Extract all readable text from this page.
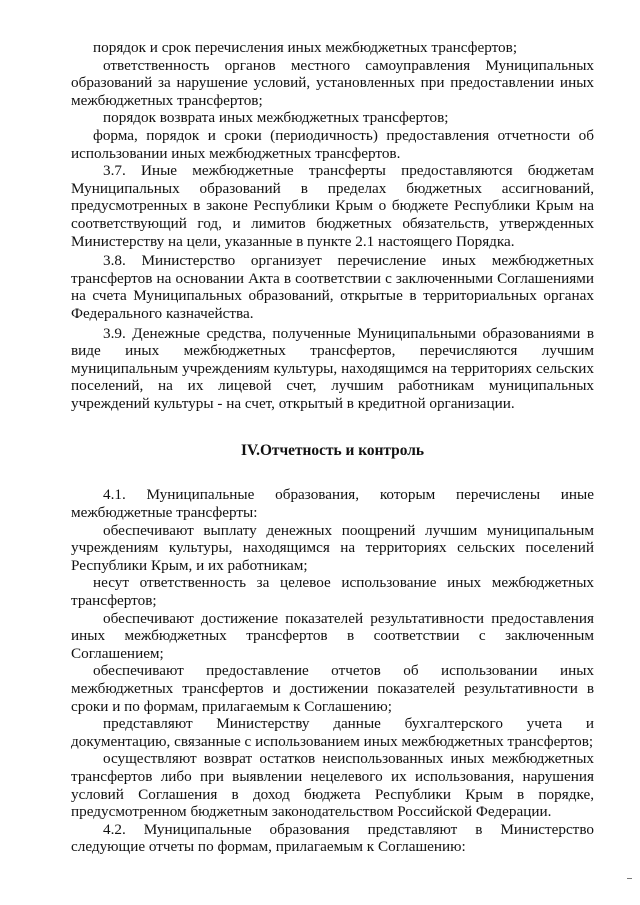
порядок и срок перечисления иных межбюджетных трансфертов;

ответственность органов местного самоуправления Муниципальных образований за нарушение условий, установленных при предоставлении иных межбюджетных трансфертов;

порядок возврата иных межбюджетных трансфертов;

форма, порядок и сроки (периодичность) предоставления отчетности об использовании иных межбюджетных трансфертов.

3.7. Иные межбюджетные трансферты предоставляются бюджетам Муниципальных образований в пределах бюджетных ассигнований, предусмотренных в законе Республики Крым о бюджете Республики Крым на соответствующий год, и лимитов бюджетных обязательств, утвержденных Министерству на цели, указанные в пункте 2.1 настоящего Порядка.

3.8. Министерство организует перечисление иных межбюджетных трансфертов на основании Акта в соответствии с заключенными Соглашениями на счета Муниципальных образований, открытые в территориальных органах Федерального казначейства.

3.9. Денежные средства, полученные Муниципальными образованиями в виде иных межбюджетных трансфертов, перечисляются лучшим муниципальным учреждениям культуры, находящимся на территориях сельских поселений, на их лицевой счет, лучшим работникам муниципальных учреждений культуры - на счет, открытый в кредитной организации.

IV.Отчетность и контроль

4.1. Муниципальные образования, которым перечислены иные межбюджетные трансферты:

обеспечивают выплату денежных поощрений лучшим муниципальным учреждениям культуры, находящимся на территориях сельских поселений Республики Крым, и их работникам;

несут ответственность за целевое использование иных межбюджетных трансфертов;

обеспечивают достижение показателей результативности предоставления иных межбюджетных трансфертов в соответствии с заключенным Соглашением;

обеспечивают предоставление отчетов об использовании иных межбюджетных трансфертов и достижении показателей результативности в сроки и по формам, прилагаемым к Соглашению;

представляют Министерству данные бухгалтерского учета и документацию, связанные с использованием иных межбюджетных трансфертов;

осуществляют возврат остатков неиспользованных иных межбюджетных трансфертов либо при выявлении нецелевого их использования, нарушения условий Соглашения в доход бюджета Республики Крым в порядке, предусмотренном бюджетным законодательством Российской Федерации.

4.2. Муниципальные образования представляют в Министерство следующие отчеты по формам, прилагаемым к Соглашению:
